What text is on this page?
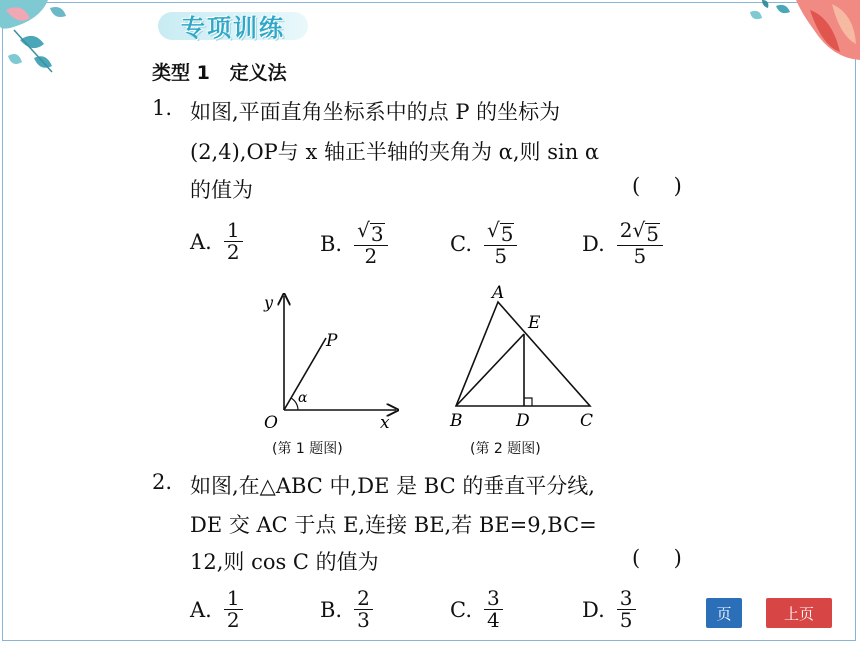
专项训练
类型 1   定义法
1. 如图,平面直角坐标系中的点 P 的坐标为
(2,4),OP与 x 轴正半轴的夹角为 α,则 sin α
的值为	(     )
A. $\frac{1}{2}$	B. $\frac{√ 3}{2}$	C. $\frac{√ 5}{5}$	D. $\frac{2 √ 5}{5}$
y
x
O
P
α
(第 1 题图)
A
E
B	D	C
(第 2 题图)
2. 如图,在△ABC 中,DE 是 BC 的垂直平分线,
DE 交 AC 于点 E,连接 BE,若 BE=9,BC=
12,则 cos C 的值为	(     )
A. $\frac{1}{2}$	B. $\frac{2}{3}$	C. $\frac{3}{4}$	D. $\frac{3}{5}$	页	上页
